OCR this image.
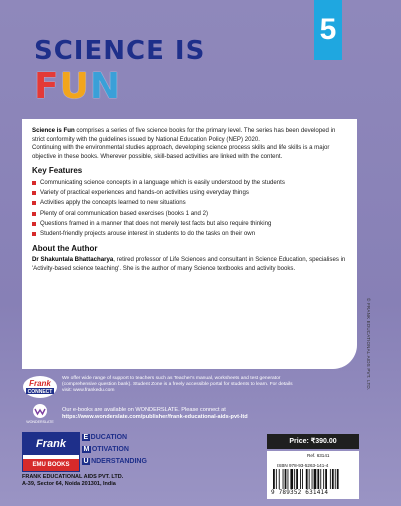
5
SCIENCE IS
FUN

Science is Fun comprises a series of five science books for the primary level. The series has been developed in strict conformity with the guidelines issued by National Education Policy (NEP) 2020.

Continuing with the environmental studies approach, developing science process skills and life skills is a major objective in these books. Wherever possible, skill-based activities are linked with the content.

Key Features
Communicating science concepts in a language which is easily understood by the students
Variety of practical experiences and hands-on activities using everyday things
Activities apply the concepts learned to new situations
Plenty of oral communication based exercises (books 1 and 2)
Questions framed in a manner that does not merely test facts but also require thinking
Student-friendly projects arouse interest in students to do the tasks on their own
About the Author

Dr Shakuntala Bhattacharya, retired professor of Life Sciences and consultant in Science Education, specialises in 'Activity-based science teaching'. She is the author of many Science textbooks and activity books.

© FRANK EDUCATIONAL AIDS PVT. LTD.
Frank
CONNECT
We offer wide range of support to teachers such as Teacher's manual, worksheets and test generator (comprehensive question bank). Student Zone is a freely accessible portal for students to learn. For details visit: www.frankedu.com
WONDERSLATE
Our e-books are available on WONDERSLATE. Please connect at
https://www.wonderslate.com/publisher/frank-educational-aids-pvt-ltd
Frank
EMU BOOKS
E DUCATION
M OTIVATION
U NDERSTANDING
FRANK EDUCATIONAL AIDS PVT. LTD.
A-39, Sector 64, Noida 201301, India
Price: ₹390.00
Ref. 63141
ISBN 978-93-5263-141-4
9 789352 631414
